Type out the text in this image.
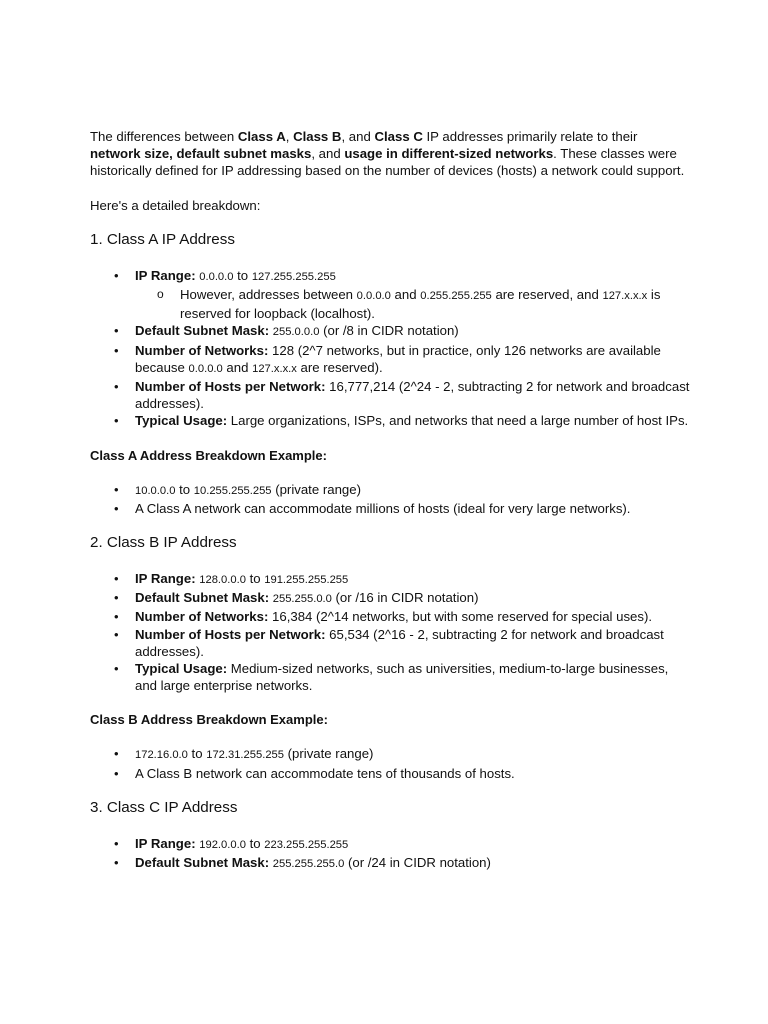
The differences between Class A, Class B, and Class C IP addresses primarily relate to their network size, default subnet masks, and usage in different-sized networks. These classes were historically defined for IP addressing based on the number of devices (hosts) a network could support.

Here's a detailed breakdown:

1. Class A IP Address
• IP Range: 0.0.0.0 to 127.255.255.255
o However, addresses between 0.0.0.0 and 0.255.255.255 are reserved, and 127.x.x.x is reserved for loopback (localhost).
• Default Subnet Mask: 255.0.0.0 (or /8 in CIDR notation)
• Number of Networks: 128 (2^7 networks, but in practice, only 126 networks are available because 0.0.0.0 and 127.x.x.x are reserved).
• Number of Hosts per Network: 16,777,214 (2^24 - 2, subtracting 2 for network and broadcast addresses).
• Typical Usage: Large organizations, ISPs, and networks that need a large number of host IPs.
Class A Address Breakdown Example:
• 10.0.0.0 to 10.255.255.255 (private range)
• A Class A network can accommodate millions of hosts (ideal for very large networks).
2. Class B IP Address
• IP Range: 128.0.0.0 to 191.255.255.255
• Default Subnet Mask: 255.255.0.0 (or /16 in CIDR notation)
• Number of Networks: 16,384 (2^14 networks, but with some reserved for special uses).
• Number of Hosts per Network: 65,534 (2^16 - 2, subtracting 2 for network and broadcast addresses).
• Typical Usage: Medium-sized networks, such as universities, medium-to-large businesses, and large enterprise networks.
Class B Address Breakdown Example:
• 172.16.0.0 to 172.31.255.255 (private range)
• A Class B network can accommodate tens of thousands of hosts.
3. Class C IP Address
• IP Range: 192.0.0.0 to 223.255.255.255
• Default Subnet Mask: 255.255.255.0 (or /24 in CIDR notation)
